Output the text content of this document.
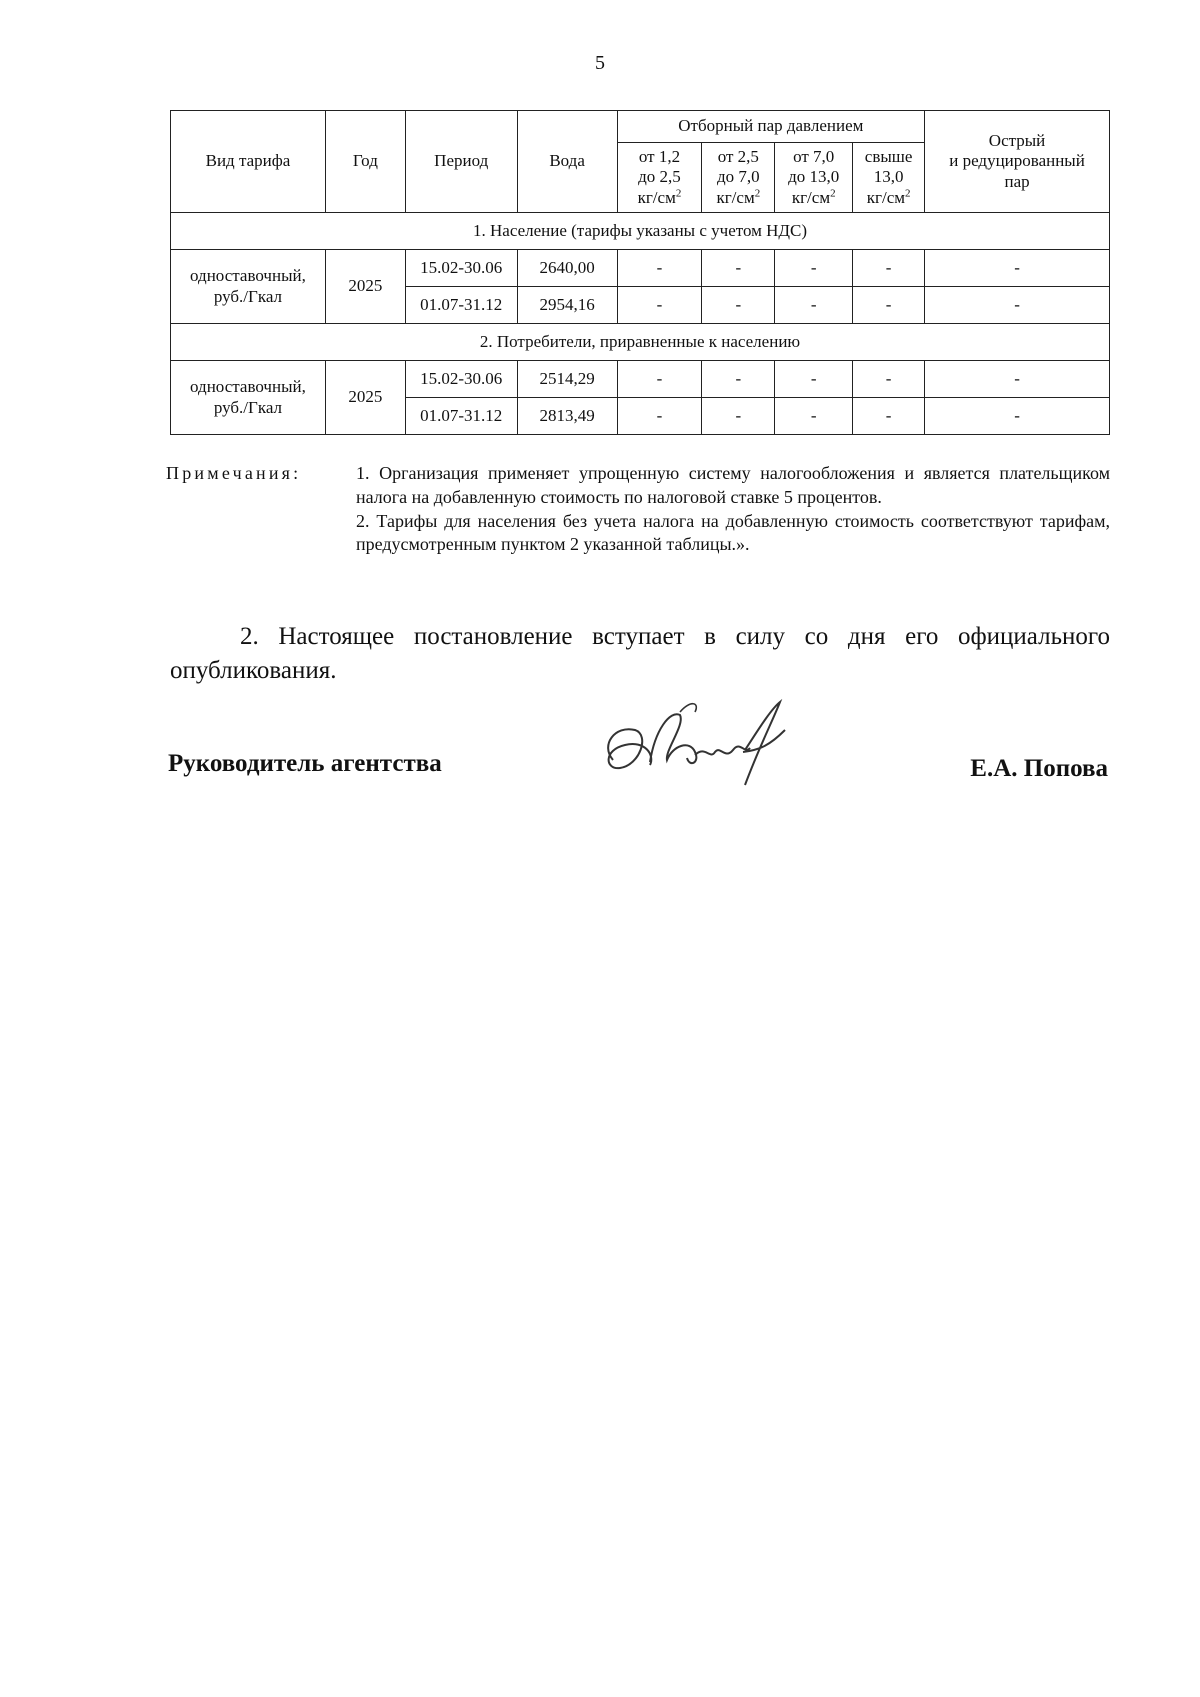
5
Вид тарифа	Год	Период	Вода	Отборный пар давлением				Острый
и редуцированный
пар
				от 1,2
до 2,5
$кг/см^2$	от 2,5
до 7,0
$кг/см^2$	от 7,0
до 13,0
$кг/см^2$	свыше
13,0
$кг/см^2$
1. Население (тарифы указаны с учетом НДС)								
одноставочный,
руб./Гкал	2025	15.02-30.06	2640,00	-	-	-	-	-
		01.07-31.12	2954,16	-	-	-	-	-
2. Потребители, приравненные к населению								
одноставочный,
руб./Гкал	2025	15.02-30.06	2514,29	-	-	-	-	-
		01.07-31.12	2813,49	-	-	-	-	-
Примечания:	1. Организация применяет упрощенную систему налогообложения и является плательщиком налога на добавленную стоимость по налоговой ставке 5 процентов.

2. Тарифы для населения без учета налога на добавленную стоимость соответствуют тарифам, предусмотренным пунктом 2 указанной таблицы.».

2. Настоящее постановление вступает в силу со дня его официального опубликования.
Руководитель агентства	Е.А. Попова
